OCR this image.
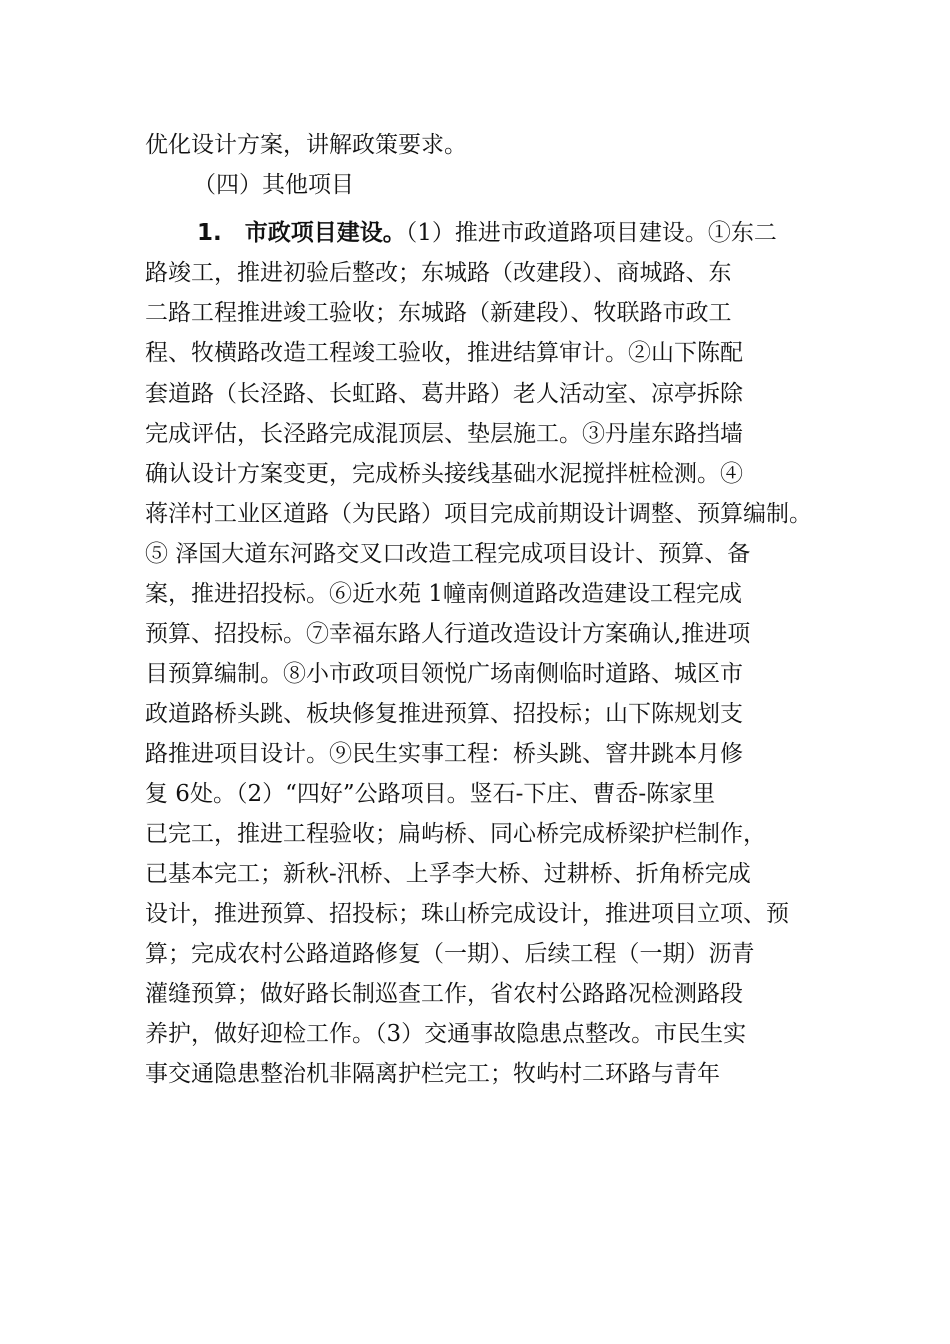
优化设计方案，讲解政策要求。
（四）其他项目
1.　市政项目建设。（1）推进市政道路项目建设。①东二
路竣工，推进初验后整改；东城路（改建段）、商城路、东
二路工程推进竣工验收；东城路（新建段）、牧联路市政工
程、牧横路改造工程竣工验收，推进结算审计。②山下陈配
套道路（长泾路、长虹路、葛井路）老人活动室、凉亭拆除
完成评估，长泾路完成混顶层、垫层施工。③丹崖东路挡墙
确认设计方案变更，完成桥头接线基础水泥搅拌桩检测。④
蒋洋村工业区道路（为民路）项目完成前期设计调整、预算编制。
⑤ 泽国大道东河路交叉口改造工程完成项目设计、预算、备
案，推进招投标。⑥近水苑 1幢南侧道路改造建设工程完成
预算、招投标。⑦幸福东路人行道改造设计方案确认,推进项
目预算编制。⑧小市政项目领悦广场南侧临时道路、城区市
政道路桥头跳、板块修复推进预算、招投标；山下陈规划支
路推进项目设计。⑨民生实事工程：桥头跳、窨井跳本月修
复 6处。（2）“四好”公路项目。竖石-下庄、曹岙-陈家里
已完工，推进工程验收；扁屿桥、同心桥完成桥梁护栏制作，
已基本完工；新秋-汛桥、上孚李大桥、过耕桥、折角桥完成
设计，推进预算、招投标；珠山桥完成设计，推进项目立项、预
算；完成农村公路道路修复（一期）、后续工程（一期）沥青
灌缝预算；做好路长制巡查工作，省农村公路路况检测路段
养护，做好迎检工作。（3）交通事故隐患点整改。市民生实
事交通隐患整治机非隔离护栏完工；牧屿村二环路与青年
